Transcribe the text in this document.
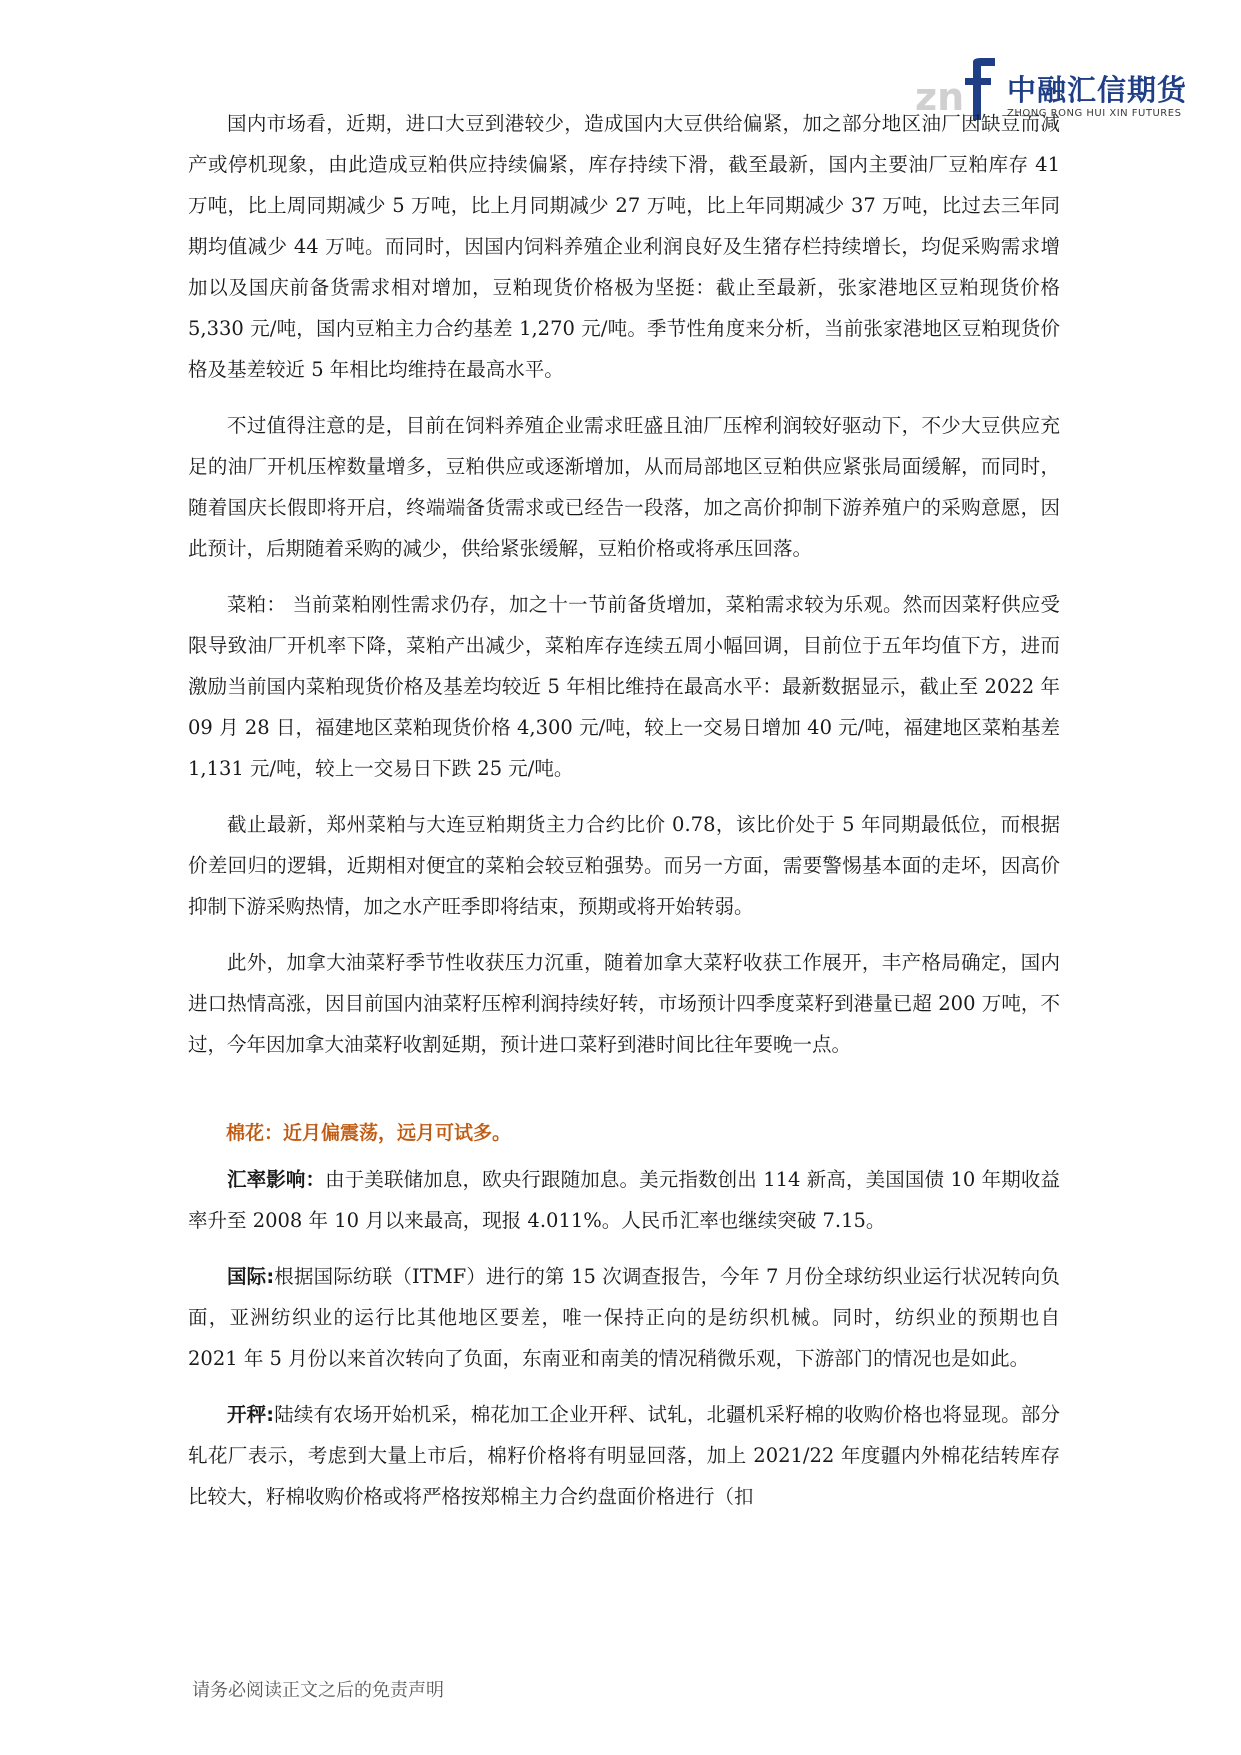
zn 中融汇信期货
ZHONG RONG HUI XIN FUTURES

国内市场看，近期，进口大豆到港较少，造成国内大豆供给偏紧，加之部分地区油厂因缺豆而减产或停机现象，由此造成豆粕供应持续偏紧，库存持续下滑，截至最新，国内主要油厂豆粕库存 41 万吨，比上周同期减少 5 万吨，比上月同期减少 27 万吨，比上年同期减少 37 万吨，比过去三年同期均值减少 44 万吨。而同时，因国内饲料养殖企业利润良好及生猪存栏持续增长，均促采购需求增加以及国庆前备货需求相对增加，豆粕现货价格极为坚挺：截止至最新，张家港地区豆粕现货价格 5,330 元/吨，国内豆粕主力合约基差 1,270 元/吨。季节性角度来分析，当前张家港地区豆粕现货价格及基差较近 5 年相比均维持在最高水平。

不过值得注意的是，目前在饲料养殖企业需求旺盛且油厂压榨利润较好驱动下，不少大豆供应充足的油厂开机压榨数量增多，豆粕供应或逐渐增加，从而局部地区豆粕供应紧张局面缓解，而同时，随着国庆长假即将开启，终端端备货需求或已经告一段落，加之高价抑制下游养殖户的采购意愿，因此预计，后期随着采购的减少，供给紧张缓解，豆粕价格或将承压回落。

菜粕： 当前菜粕刚性需求仍存，加之十一节前备货增加，菜粕需求较为乐观。然而因菜籽供应受限导致油厂开机率下降，菜粕产出减少，菜粕库存连续五周小幅回调，目前位于五年均值下方，进而激励当前国内菜粕现货价格及基差均较近 5 年相比维持在最高水平：最新数据显示，截止至 2022 年 09 月 28 日，福建地区菜粕现货价格 4,300 元/吨，较上一交易日增加 40 元/吨，福建地区菜粕基差 1,131 元/吨，较上一交易日下跌 25 元/吨。

截止最新，郑州菜粕与大连豆粕期货主力合约比价 0.78，该比价处于 5 年同期最低位，而根据价差回归的逻辑，近期相对便宜的菜粕会较豆粕强势。而另一方面，需要警惕基本面的走坏，因高价抑制下游采购热情，加之水产旺季即将结束，预期或将开始转弱。

此外，加拿大油菜籽季节性收获压力沉重，随着加拿大菜籽收获工作展开，丰产格局确定，国内进口热情高涨，因目前国内油菜籽压榨利润持续好转，市场预计四季度菜籽到港量已超 200 万吨，不过，今年因加拿大油菜籽收割延期，预计进口菜籽到港时间比往年要晚一点。

棉花：近月偏震荡，远月可试多。

汇率影响：由于美联储加息，欧央行跟随加息。美元指数创出 114 新高，美国国债 10 年期收益率升至 2008 年 10 月以来最高，现报 4.011%。人民币汇率也继续突破 7.15。

国际:根据国际纺联（ITMF）进行的第 15 次调查报告，今年 7 月份全球纺织业运行状况转向负面，亚洲纺织业的运行比其他地区要差，唯一保持正向的是纺织机械。同时，纺织业的预期也自 2021 年 5 月份以来首次转向了负面，东南亚和南美的情况稍微乐观，下游部门的情况也是如此。

开秤:陆续有农场开始机采，棉花加工企业开秤、试轧，北疆机采籽棉的收购价格也将显现。部分轧花厂表示，考虑到大量上市后，棉籽价格将有明显回落，加上 2021/22 年度疆内外棉花结转库存比较大，籽棉收购价格或将严格按郑棉主力合约盘面价格进行（扣

请务必阅读正文之后的免责声明
